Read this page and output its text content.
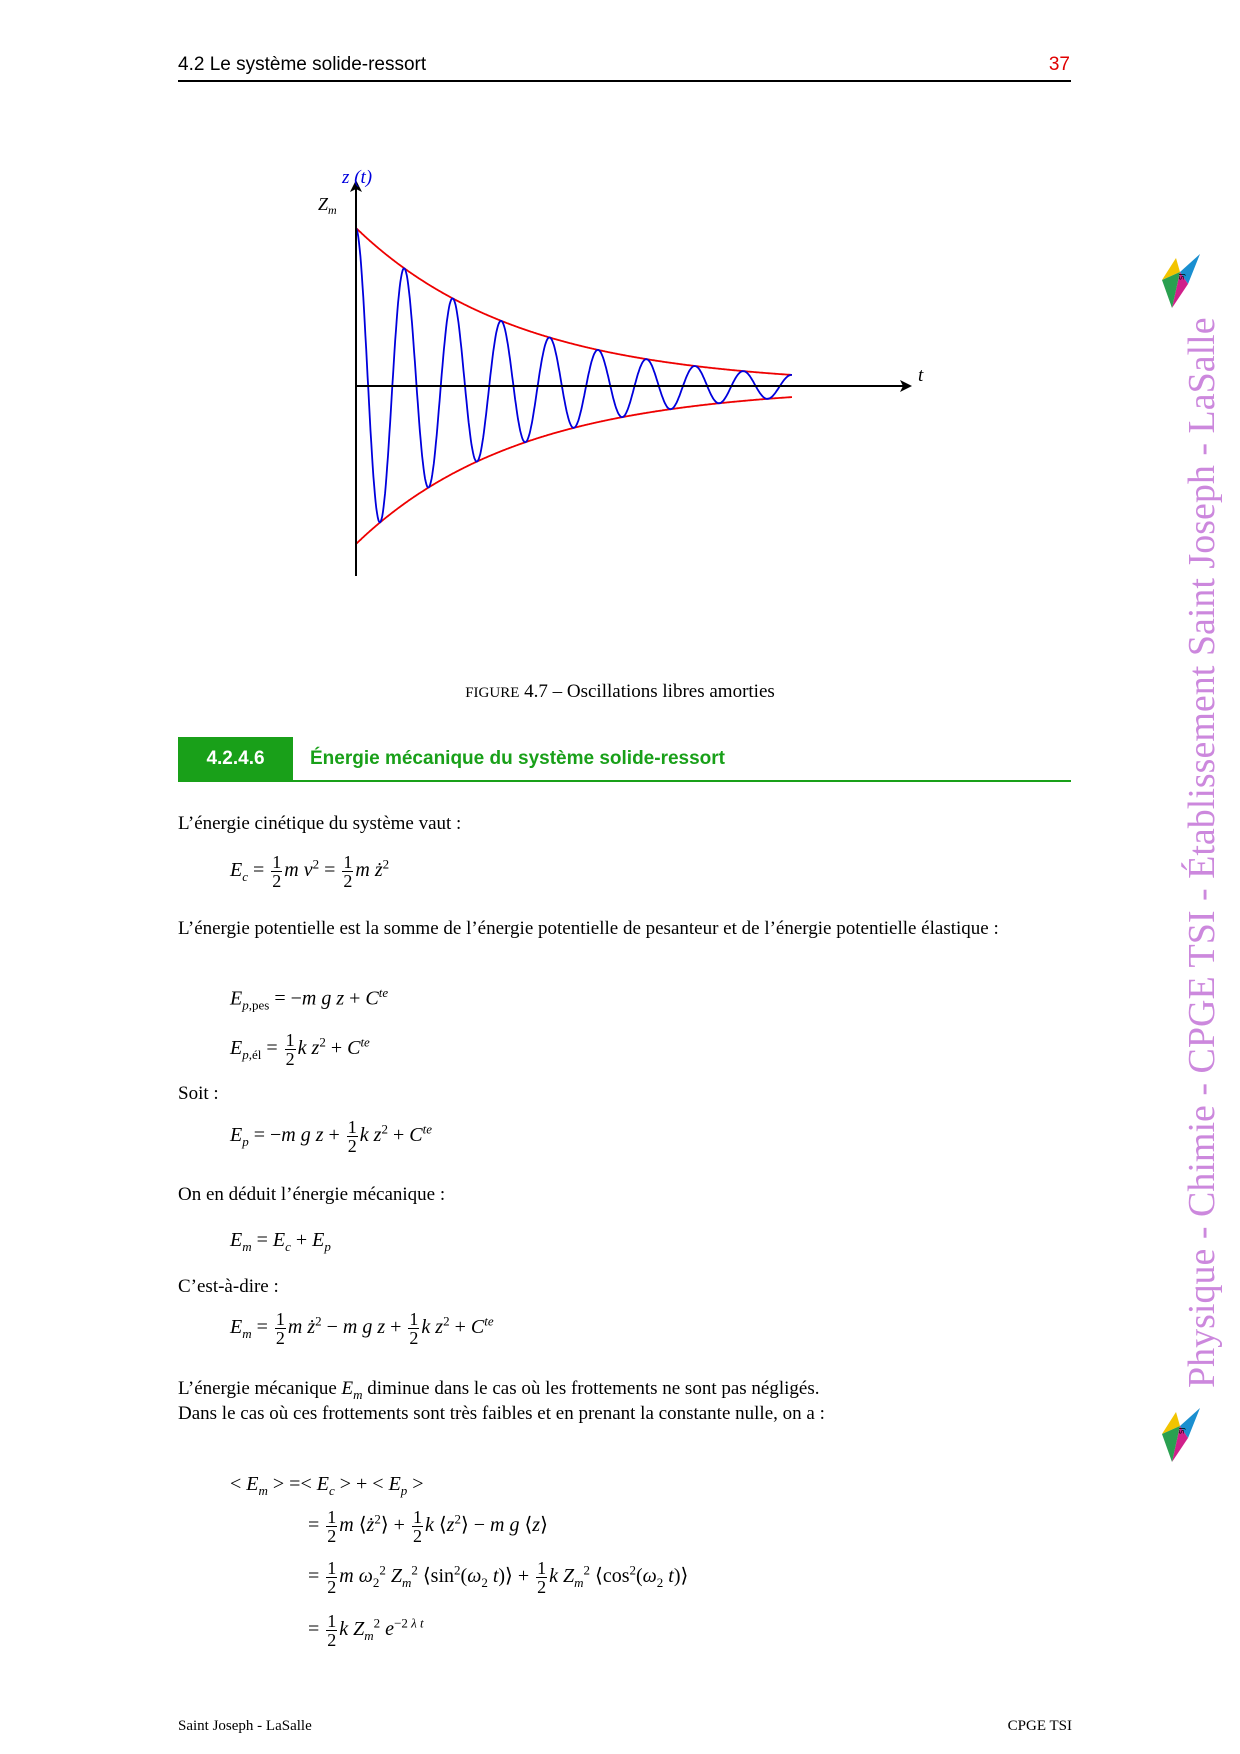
4.2 Le système solide-ressort	37
SJ
SJ
Physique - Chimie - CPGE TSI - Établissement Saint Joseph - LaSalle
z (t)
$Z_m$
t
FIGURE 4.7 – Oscillations libres amorties
4.2.4.6	Énergie mécanique du système solide-ressort
L’énergie cinétique du système vaut :
$E_c = \frac{1}{2}$ m $v^2 = \frac{1}{2}$ m $ż^2$
L’énergie potentielle est la somme de l’énergie potentielle de pesanteur et de l’énergie potentielle élastique :
$E_{p,pes} = -m$ g $z + C^{te}$
$E_{p,él} = \frac{1}{2}$ k $z^2 + C^{te}$
Soit :
$E_p = -m$ g $z + \frac{1}{2}$ k $z^2 + C^{te}$
On en déduit l’énergie mécanique :
$E_m = E_c + E_p$
C’est-à-dire :
$E_m = \frac{1}{2}$ m $ż^2 - m$ g $z + \frac{1}{2}$ k $z^2 + C^{te}$
L’énergie mécanique $E_m$ diminue dans le cas où les frottements ne sont pas négligés.
Dans le cas où ces frottements sont très faibles et en prenant la constante nulle, on a :
< $E_m$ > =< $E_c$ > + < $E_p$ >
= $\frac{1}{2}$ m $⟨ż^2⟩ + \frac{1}{2}$ k $⟨z^2⟩ - m$ g ⟨z⟩
= $\frac{1}{2}$ m $\omega_2^2$ $Z_m^2$ $⟨\sin^2(\omega_2$ t)⟩ + $\frac{1}{2}$ k $Z_m^2$ $⟨\cos^2(\omega_2$ t)⟩
= $\frac{1}{2}$ k $Z_m^2$ $e^{-2 \lambda t}$
Saint Joseph - LaSalle	CPGE TSI
